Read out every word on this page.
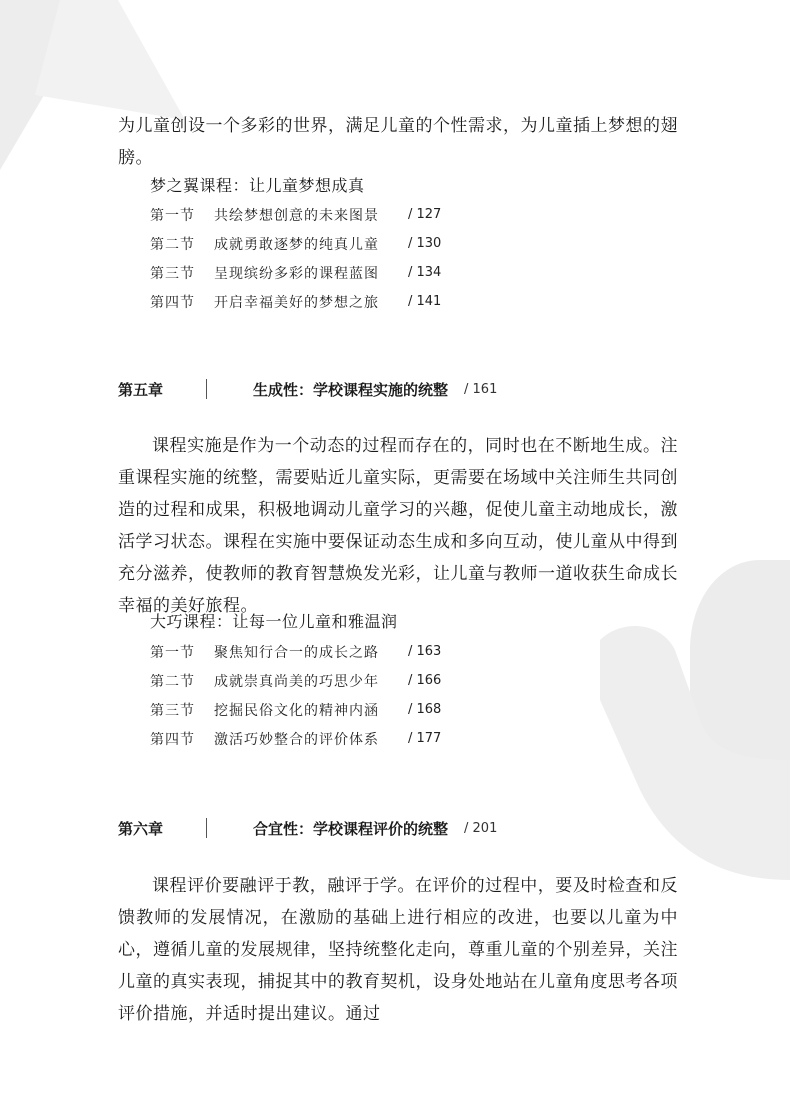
为儿童创设一个多彩的世界，满足儿童的个性需求，为儿童插上梦想的翅膀。

梦之翼课程：让儿童梦想成真
第一节	共绘梦想创意的未来图景	/ 127
第二节	成就勇敢逐梦的纯真儿童	/ 130
第三节	呈现缤纷多彩的课程蓝图	/ 134
第四节	开启幸福美好的梦想之旅	/ 141
第五章	生成性：学校课程实施的统整 / 161

课程实施是作为一个动态的过程而存在的，同时也在不断地生成。注重课程实施的统整，需要贴近儿童实际，更需要在场域中关注师生共同创造的过程和成果，积极地调动儿童学习的兴趣，促使儿童主动地成长，激活学习状态。课程在实施中要保证动态生成和多向互动，使儿童从中得到充分滋养，使教师的教育智慧焕发光彩，让儿童与教师一道收获生命成长幸福的美好旅程。

大巧课程：让每一位儿童和雅温润
第一节	聚焦知行合一的成长之路	/ 163
第二节	成就崇真尚美的巧思少年	/ 166
第三节	挖掘民俗文化的精神内涵	/ 168
第四节	激活巧妙整合的评价体系	/ 177
第六章	合宜性：学校课程评价的统整 / 201

课程评价要融评于教，融评于学。在评价的过程中，要及时检查和反馈教师的发展情况，在激励的基础上进行相应的改进，也要以儿童为中心，遵循儿童的发展规律，坚持统整化走向，尊重儿童的个别差异，关注儿童的真实表现，捕捉其中的教育契机，设身处地站在儿童角度思考各项评价措施，并适时提出建议。通过
